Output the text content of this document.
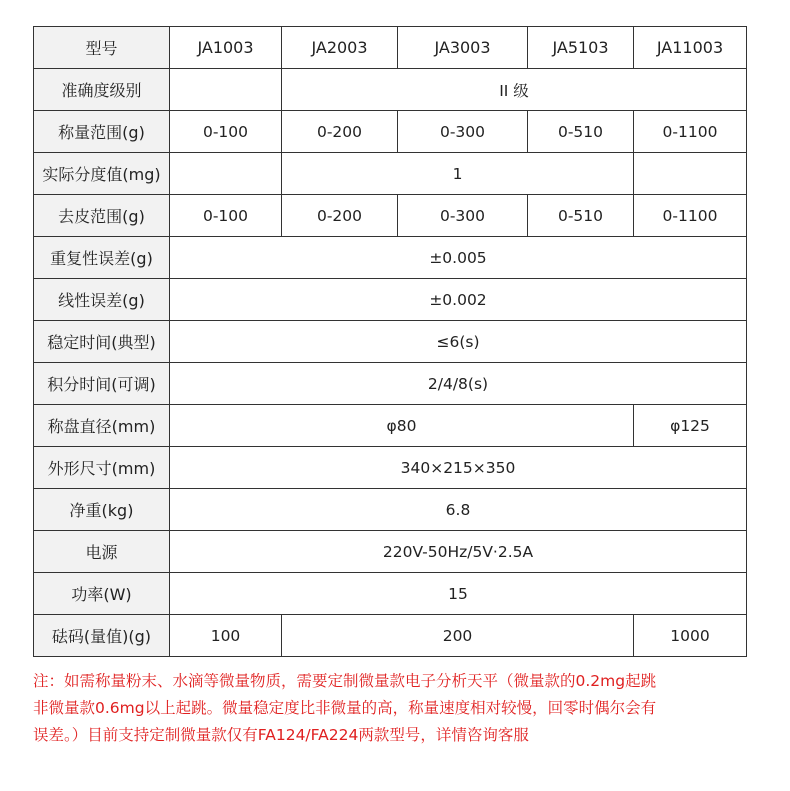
型号	JA1003	JA2003	JA3003	JA5103	JA11003
准确度级别		II 级			
称量范围(g)	0-100	0-200	0-300	0-510	0-1100
实际分度值(mg)		1			
去皮范围(g)	0-100	0-200	0-300	0-510	0-1100
重复性误差(g)	±0.005				
线性误差(g)	±0.002				
稳定时间(典型)	≤6(s)				
积分时间(可调)	2/4/8(s)				
称盘直径(mm)	φ80				φ125
外形尺寸(mm)	340×215×350				
净重(kg)	6.8				
电源	220V-50Hz/5V·2.5A				
功率(W)	15				
砝码(量值)(g)	100	200			1000

注：如需称量粉末、水滴等微量物质，需要定制微量款电子分析天平（微量款的0.2mg起跳

非微量款0.6mg以上起跳。微量稳定度比非微量的高，称量速度相对较慢，回零时偶尔会有

误差。）目前支持定制微量款仅有FA124/FA224两款型号，详情咨询客服
